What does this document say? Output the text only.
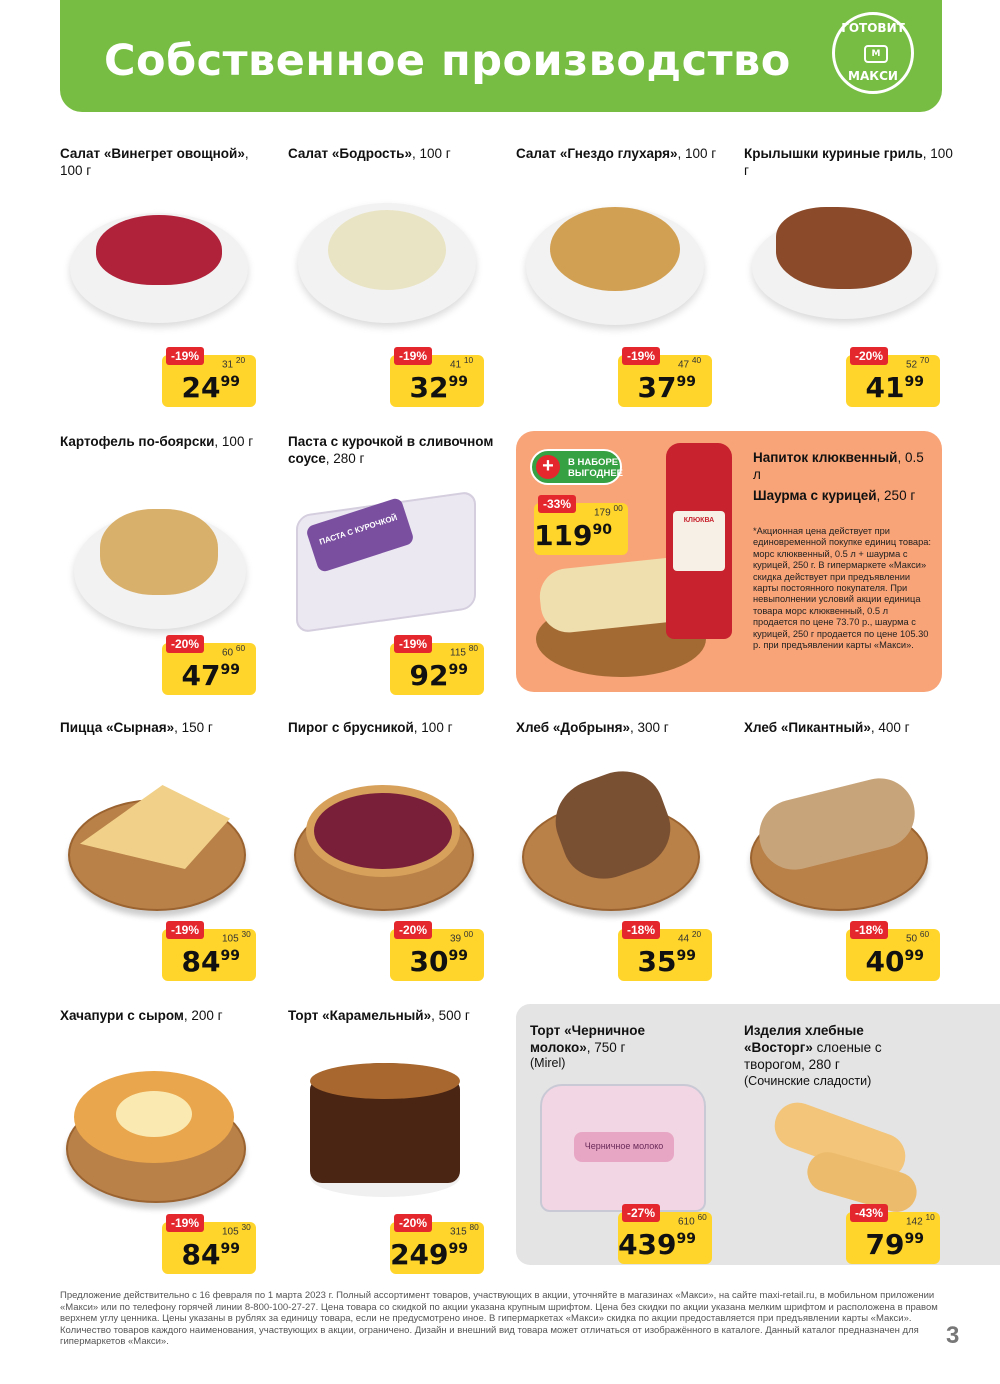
Собственное производство
ГОТОВИТ
М
МАКСИ
Салат «Винегрет овощной», 100 г
-19%
31 $^{20}$
$24^{99}$
Салат «Бодрость», 100 г
-19%
41 $^{10}$
$32^{99}$
Салат «Гнездо глухаря», 100 г
-19%
47 $^{40}$
$37^{99}$
Крылышки куриные гриль, 100 г
-20%
52 $^{70}$
$41^{99}$
Картофель по-боярски, 100 г
-20%
60 $^{60}$
$47^{99}$
Паста с курочкой в сливочном соусе, 280 г
ПАСТА С КУРОЧКОЙ
-19%
115 $^{80}$
$92^{99}$
+	В НАБОРЕ ВЫГОДНЕЕ
-33%
179 $^{00}$
$119^{90}$
КЛЮКВА
Напиток клюквенный, 0.5 л
Шаурма с курицей, 250 г
*Акционная цена действует при единовременной покупке единиц товара: морс клюквенный, 0.5 л + шаурма с курицей, 250 г. В гипермаркете «Макси» скидка действует при предъявлении карты постоянного покупателя. При невыполнении условий акции единица товара морс клюквенный, 0.5 л продается по цене 73.70 р., шаурма с курицей, 250 г продается по цене 105.30 р. при предъявлении карты «Макси».
Пицца «Сырная», 150 г
-19%
105 $^{30}$
$84^{99}$
Пирог с брусникой, 100 г
-20%
39 $^{00}$
$30^{99}$
Хлеб «Добрыня», 300 г
-18%
44 $^{20}$
$35^{99}$
Хлеб «Пикантный», 400 г
-18%
50 $^{60}$
$40^{99}$
Хачапури с сыром, 200 г
-19%
105 $^{30}$
$84^{99}$
Торт «Карамельный», 500 г
-20%
315 $^{80}$
$249^{99}$
Торт «Черничное молоко», 750 г
(Mirel)
Черничное молоко
-27%
610 $^{60}$
$439^{99}$
Изделия хлебные «Восторг» слоеные с творогом, 280 г
(Сочинские сладости)
-43%
142 $^{10}$
$79^{99}$
Предложение действительно с 16 февраля по 1 марта 2023 г. Полный ассортимент товаров, участвующих в акции, уточняйте в магазинах «Макси», на сайте maxi-retail.ru, в мобильном приложении «Макси» или по телефону горячей линии 8-800-100-27-27. Цена товара со скидкой по акции указана крупным шрифтом. Цена без скидки по акции указана мелким шрифтом и расположена в правом верхнем углу ценника. Цены указаны в рублях за единицу товара, если не предусмотрено иное. В гипермаркетах «Макси» скидка по акции предоставляется при предъявлении карты «Макси». Количество товаров каждого наименования, участвующих в акции, ограничено. Дизайн и внешний вид товара может отличаться от изображённого в каталоге. Данный каталог предназначен для гипермаркетов «Макси».	3
